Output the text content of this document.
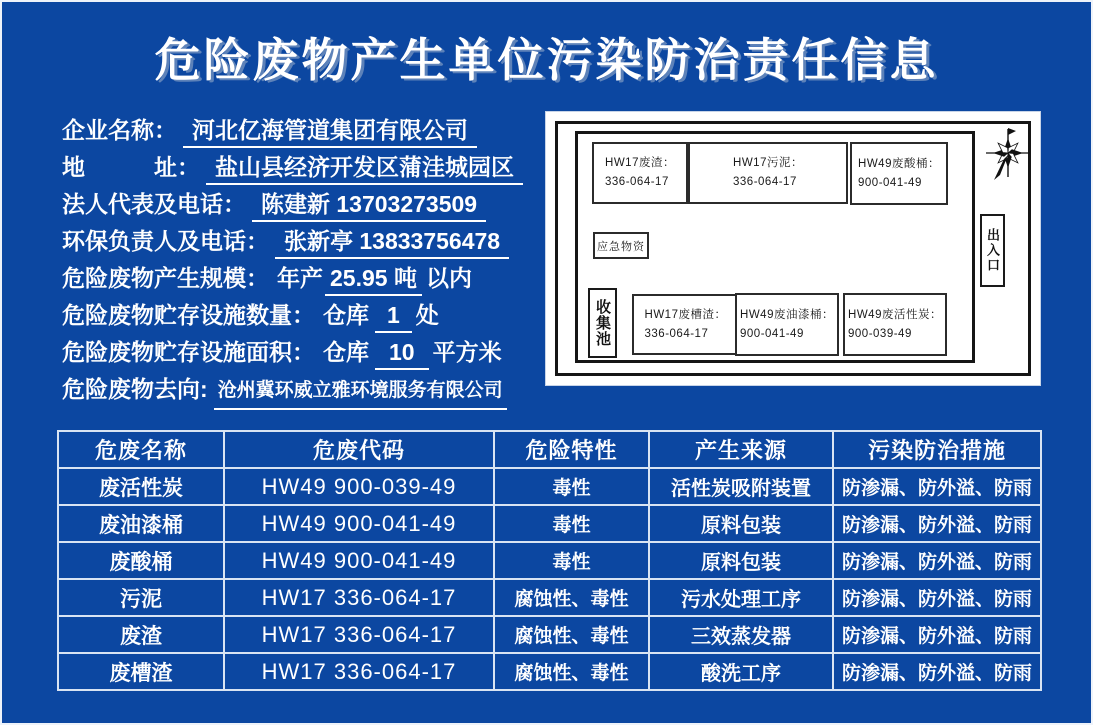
危险废物产生单位污染防治责任信息
企业名称： 河北亿海管道集团有限公司
地　　　址： 盐山县经济开发区蒲洼城园区
法人代表及电话： 陈建新 13703273509
环保负责人及电话： 张新亭 13833756478
危险废物产生规模： 年产 25.95 吨 以内
危险废物贮存设施数量： 仓库 1 处
危险废物贮存设施面积： 仓库 10 平方米
危险废物去向: 沧州冀环威立雅环境服务有限公司
HW17废渣：
336-064-17
HW17污泥：
336-064-17
HW49废酸桶：
900-041-49
应急物资
收集池	HW17废槽渣：
336-064-17
HW49废油漆桶：
900-041-49
HW49废活性炭：
900-039-49
出入口
危废名称	危废代码	危险特性	产生来源	污染防治措施
废活性炭	HW49 900-039-49	毒性	活性炭吸附装置	防渗漏、防外溢、防雨
废油漆桶	HW49 900-041-49	毒性	原料包装	防渗漏、防外溢、防雨
废酸桶	HW49 900-041-49	毒性	原料包装	防渗漏、防外溢、防雨
污泥	HW17 336-064-17	腐蚀性、毒性	污水处理工序	防渗漏、防外溢、防雨
废渣	HW17 336-064-17	腐蚀性、毒性	三效蒸发器	防渗漏、防外溢、防雨
废槽渣	HW17 336-064-17	腐蚀性、毒性	酸洗工序	防渗漏、防外溢、防雨
